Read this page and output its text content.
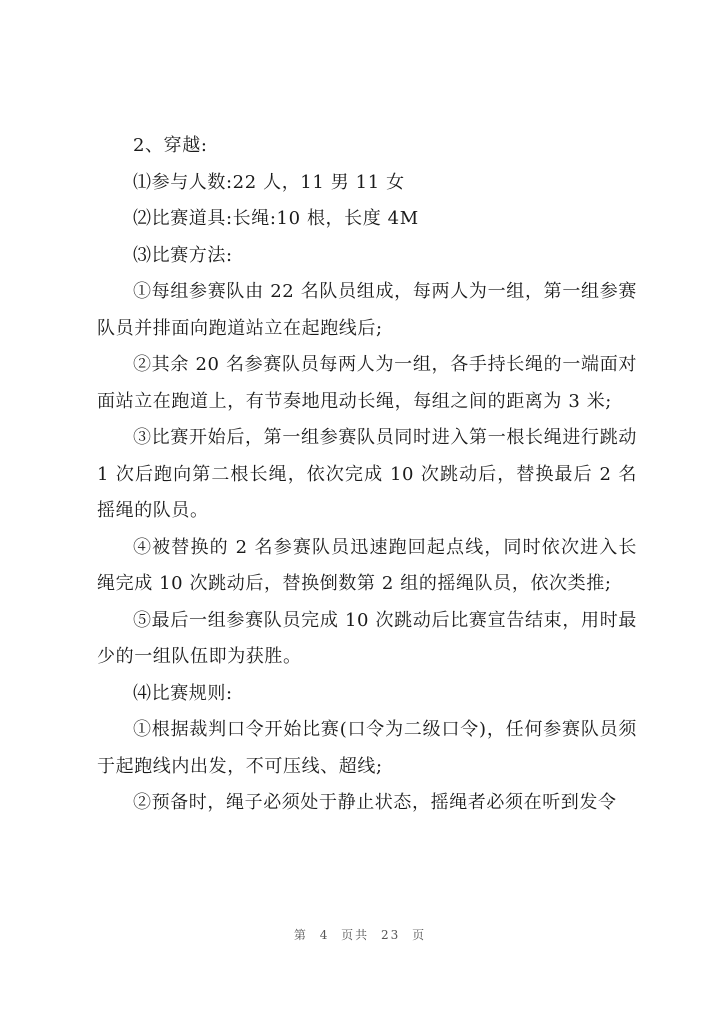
2、穿越:

⑴参与人数:22 人，11 男 11 女

⑵比赛道具:长绳:10 根，长度 4M

⑶比赛方法:

①每组参赛队由 22 名队员组成，每两人为一组，第一组参赛队员并排面向跑道站立在起跑线后;

②其余 20 名参赛队员每两人为一组，各手持长绳的一端面对面站立在跑道上，有节奏地甩动长绳，每组之间的距离为 3 米;

③比赛开始后，第一组参赛队员同时进入第一根长绳进行跳动 1 次后跑向第二根长绳，依次完成 10 次跳动后，替换最后 2 名摇绳的队员。

④被替换的 2 名参赛队员迅速跑回起点线，同时依次进入长绳完成 10 次跳动后，替换倒数第 2 组的摇绳队员，依次类推;

⑤最后一组参赛队员完成 10 次跳动后比赛宣告结束，用时最少的一组队伍即为获胜。

⑷比赛规则:

①根据裁判口令开始比赛(口令为二级口令)，任何参赛队员须于起跑线内出发，不可压线、超线;

②预备时，绳子必须处于静止状态，摇绳者必须在听到发令

第 4 页共 23 页
